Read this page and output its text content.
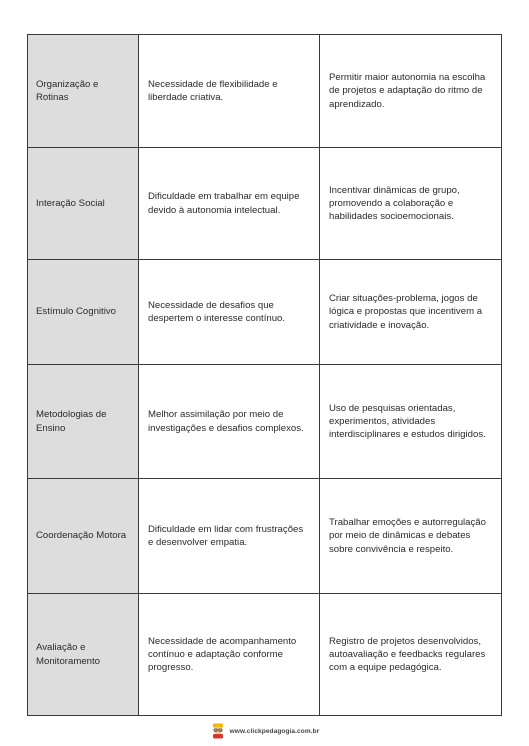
Organização e Rotinas	Necessidade de flexibilidade e liberdade criativa.	Permitir maior autonomia na escolha de projetos e adaptação do ritmo de aprendizado.
Interação Social	Dificuldade em trabalhar em equipe devido à autonomia intelectual.	Incentivar dinâmicas de grupo, promovendo a colaboração e habilidades socioemocionais.
Estímulo Cognitivo	Necessidade de desafios que despertem o interesse contínuo.	Criar situações-problema, jogos de lógica e propostas que incentivem a criatividade e inovação.
Metodologias de Ensino	Melhor assimilação por meio de investigações e desafios complexos.	Uso de pesquisas orientadas, experimentos, atividades interdisciplinares e estudos dirigidos.
Coordenação Motora	Dificuldade em lidar com frustrações e desenvolver empatia.	Trabalhar emoções e autorregulação por meio de dinâmicas e debates sobre convivência e respeito.
Avaliação e Monitoramento	Necessidade de acompanhamento contínuo e adaptação conforme progresso.	Registro de projetos desenvolvidos, autoavaliação e feedbacks regulares com a equipe pedagógica.
www.clickpedagogia.com.br
